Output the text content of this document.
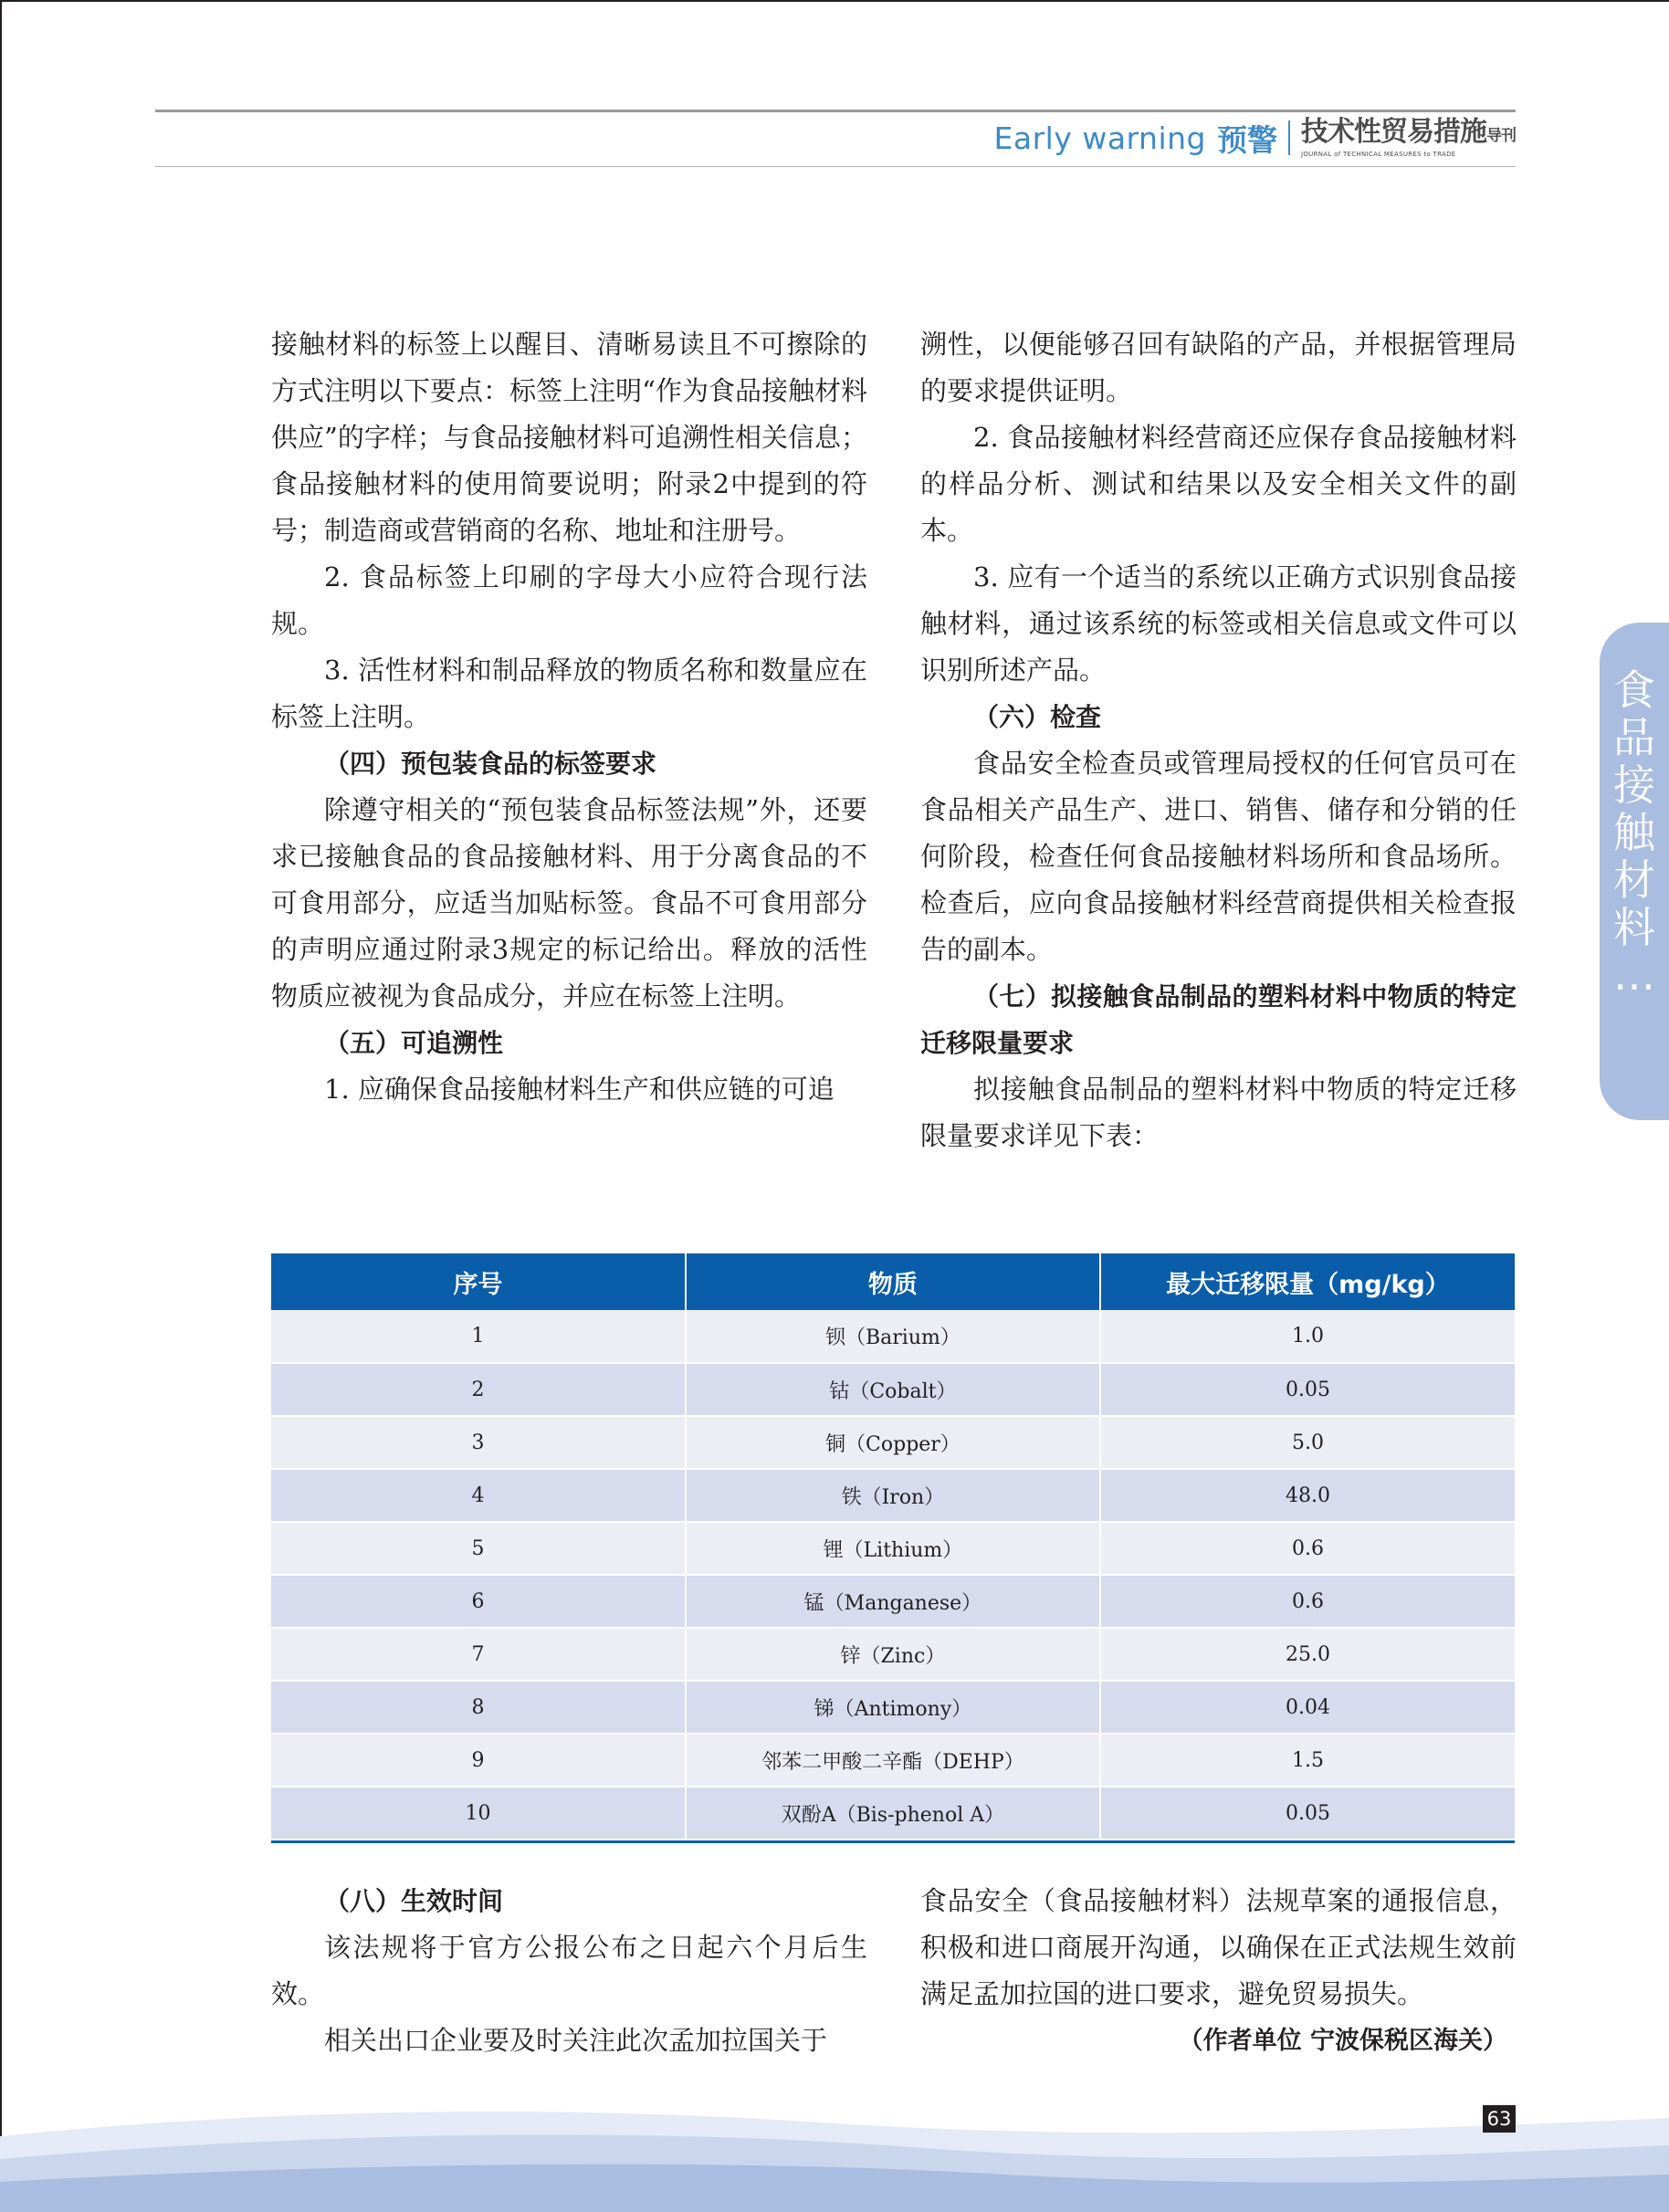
Early warning 预警 技术性贸易措施导刊
JOURNAL of TECHNICAL MEASURES to TRADE
食
品
接
触
材
料
…

接触材料的标签上以醒目、清晰易读且不可擦除的方式注明以下要点：标签上注明“作为食品接触材料供应”的字样；与食品接触材料可追溯性相关信息；食品接触材料的使用简要说明；附录2中提到的符号；制造商或营销商的名称、地址和注册号。

2. 食品标签上印刷的字母大小应符合现行法规。

3. 活性材料和制品释放的物质名称和数量应在标签上注明。

（四）预包装食品的标签要求

除遵守相关的“预包装食品标签法规”外，还要求已接触食品的食品接触材料、用于分离食品的不可食用部分，应适当加贴标签。食品不可食用部分的声明应通过附录3规定的标记给出。释放的活性物质应被视为食品成分，并应在标签上注明。

（五）可追溯性

1. 应确保食品接触材料生产和供应链的可追

溯性，以便能够召回有缺陷的产品，并根据管理局的要求提供证明。

2. 食品接触材料经营商还应保存食品接触材料的样品分析、测试和结果以及安全相关文件的副本。

3. 应有一个适当的系统以正确方式识别食品接触材料，通过该系统的标签或相关信息或文件可以识别所述产品。

（六）检查

食品安全检查员或管理局授权的任何官员可在食品相关产品生产、进口、销售、储存和分销的任何阶段，检查任何食品接触材料场所和食品场所。检查后，应向食品接触材料经营商提供相关检查报告的副本。

（七）拟接触食品制品的塑料材料中物质的特定迁移限量要求

拟接触食品制品的塑料材料中物质的特定迁移限量要求详见下表：

序号	物质	最大迁移限量（mg/kg）
1	钡（Barium）	1.0
2	钴（Cobalt）	0.05
3	铜（Copper）	5.0
4	铁（Iron）	48.0
5	锂（Lithium）	0.6
6	锰（Manganese）	0.6
7	锌（Zinc）	25.0
8	锑（Antimony）	0.04
9	邻苯二甲酸二辛酯（DEHP）	1.5
10	双酚A（Bis-phenol A）	0.05

（八）生效时间

该法规将于官方公报公布之日起六个月后生效。

相关出口企业要及时关注此次孟加拉国关于

食品安全（食品接触材料）法规草案的通报信息，积极和进口商展开沟通，以确保在正式法规生效前满足孟加拉国的进口要求，避免贸易损失。

（作者单位 宁波保税区海关）

63
